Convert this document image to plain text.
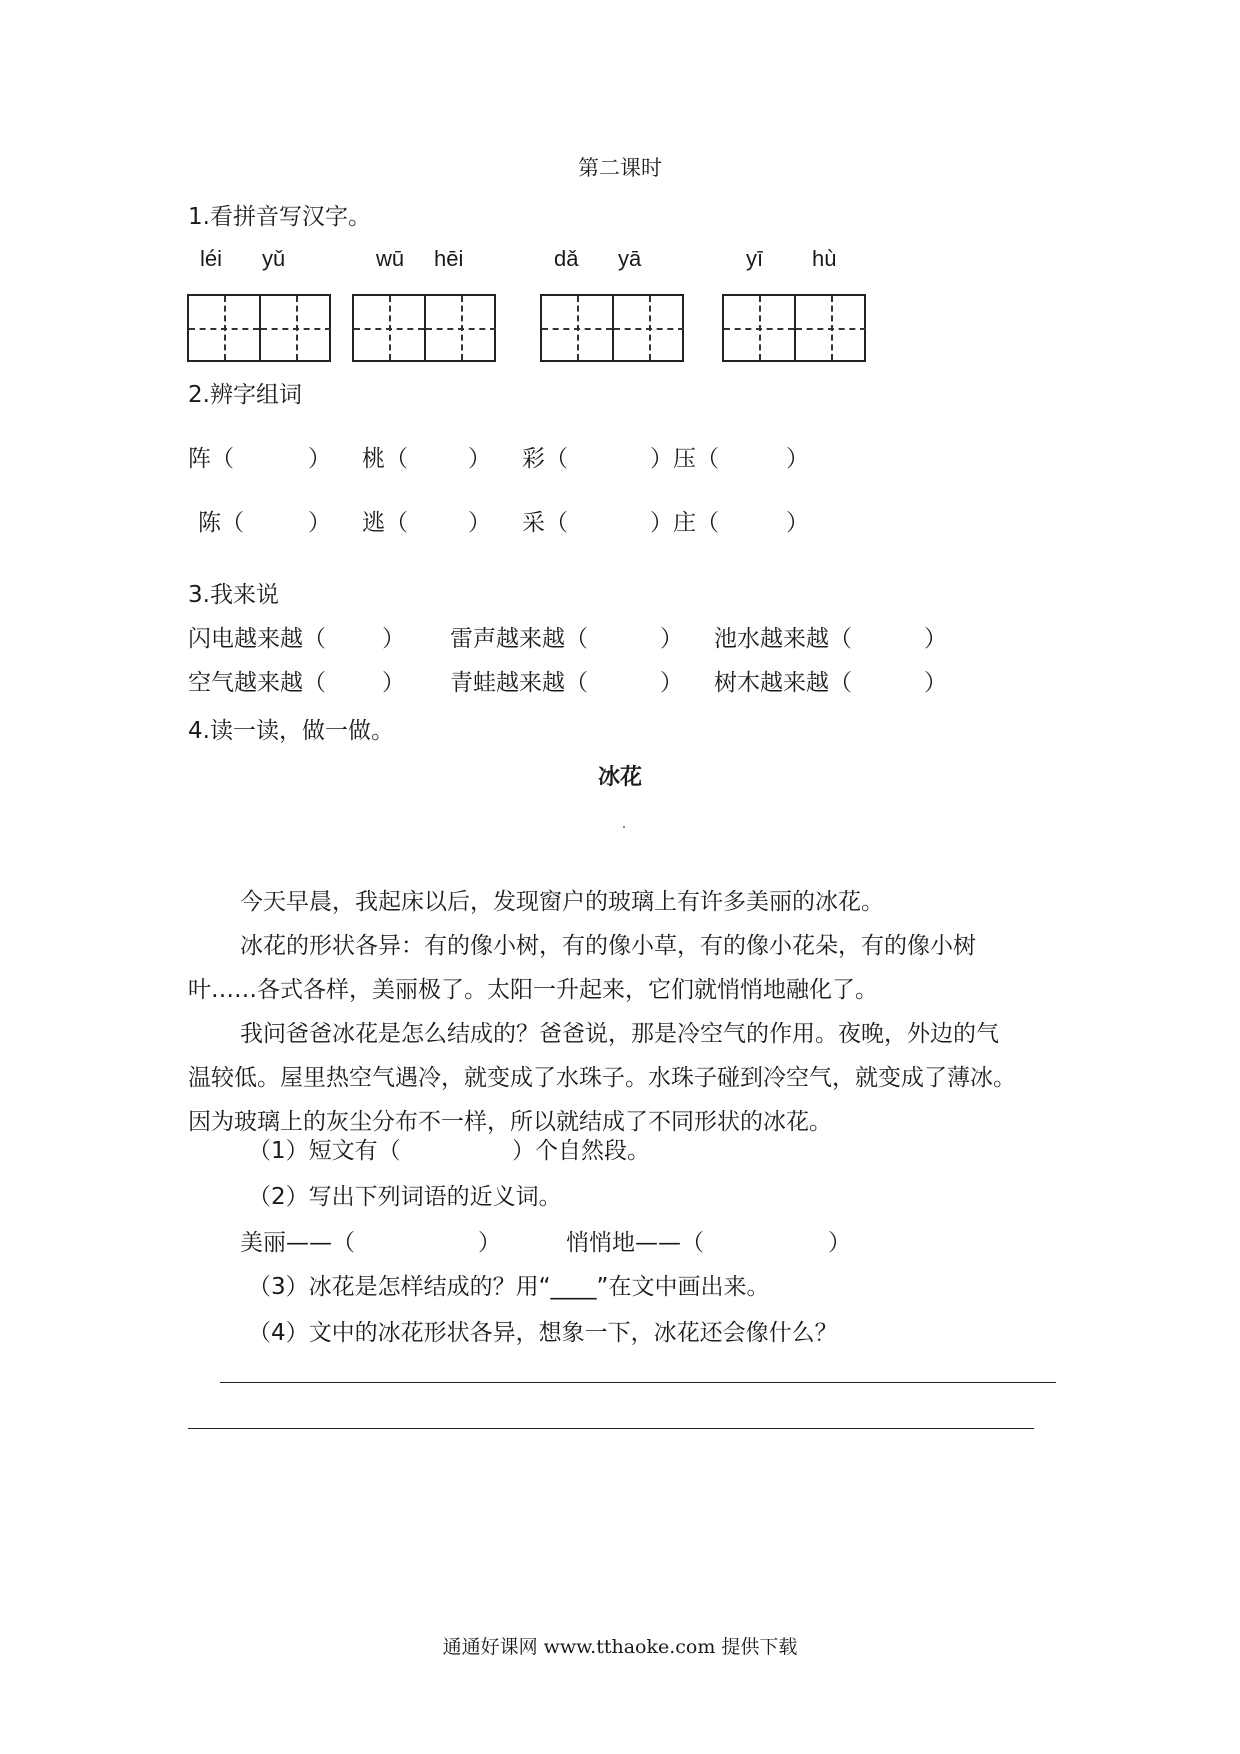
第二课时
1.看拼音写汉字。
léi yǔ	wū hēi	dǎ yā	yī hù
2.辨字组词
阵（	） 桃（	） 彩（	）压（	）
陈（	） 逃（	） 采（	）庄（	）
3.我来说
闪电越来越（ ） 雷声越来越（	） 池水越来越（	）
空气越来越（ ） 青蛙越来越（	） 树木越来越（	）
4.读一读，做一做。
冰花
今天早晨，我起床以后，发现窗户的玻璃上有许多美丽的冰花。
冰花的形状各异：有的像小树，有的像小草，有的像小花朵，有的像小树
叶……各式各样，美丽极了。太阳一升起来，它们就悄悄地融化了。
我问爸爸冰花是怎么结成的？爸爸说，那是冷空气的作用。夜晚，外边的气
温较低。屋里热空气遇冷，就变成了水珠子。水珠子碰到冷空气，就变成了薄冰。
因为玻璃上的灰尘分布不一样，所以就结成了不同形状的冰花。
（1）短文有（	）个自然段。
（2）写出下列词语的近义词。
美丽——（	）	悄悄地——（	）
（3）冰花是怎样结成的？用“____”在文中画出来。
（4）文中的冰花形状各异，想象一下，冰花还会像什么？
通通好课网 www.tthaoke.com 提供下载
